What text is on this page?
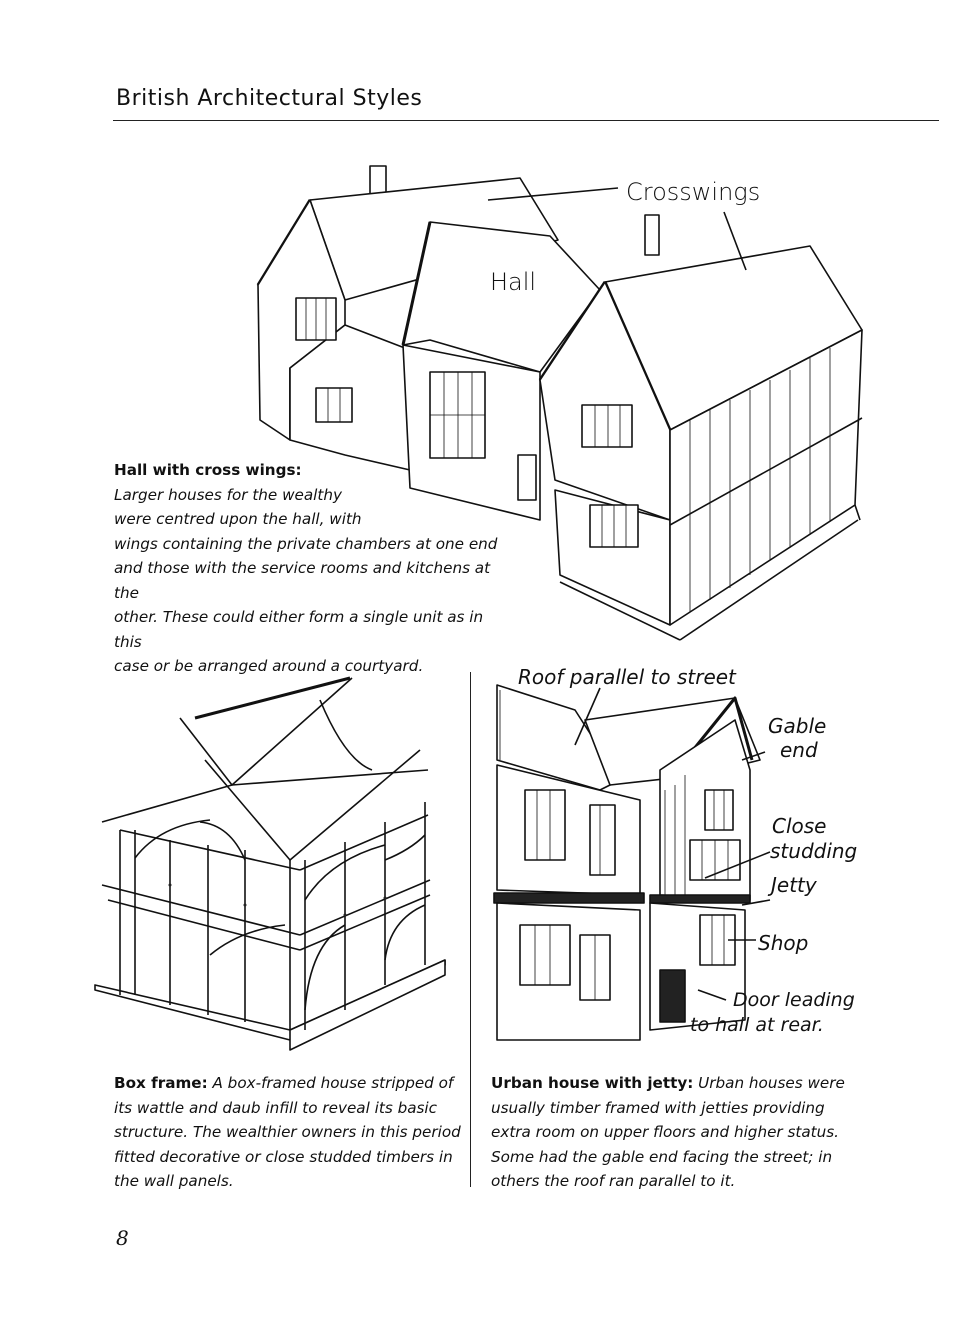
British Architectural Styles
Crosswings
Hall
Hall with cross wings:
Larger houses for the wealthy
were centred upon the hall, with
wings containing the private chambers at one end
and those with the service rooms and kitchens at the
other. These could either form a single unit as in this
case or be arranged around a courtyard.	Roof parallel to street
Gable
end
Close
studding
Jetty
Shop
Door leading
to hall at rear.
Box frame: A box-framed house stripped of
its wattle and daub infill to reveal its basic
structure. The wealthier owners in this period
fitted decorative or close studded timbers in
the wall panels.
Urban house with jetty: Urban houses were
usually timber framed with jetties providing
extra room on upper floors and higher status.
Some had the gable end facing the street; in
others the roof ran parallel to it.
8
